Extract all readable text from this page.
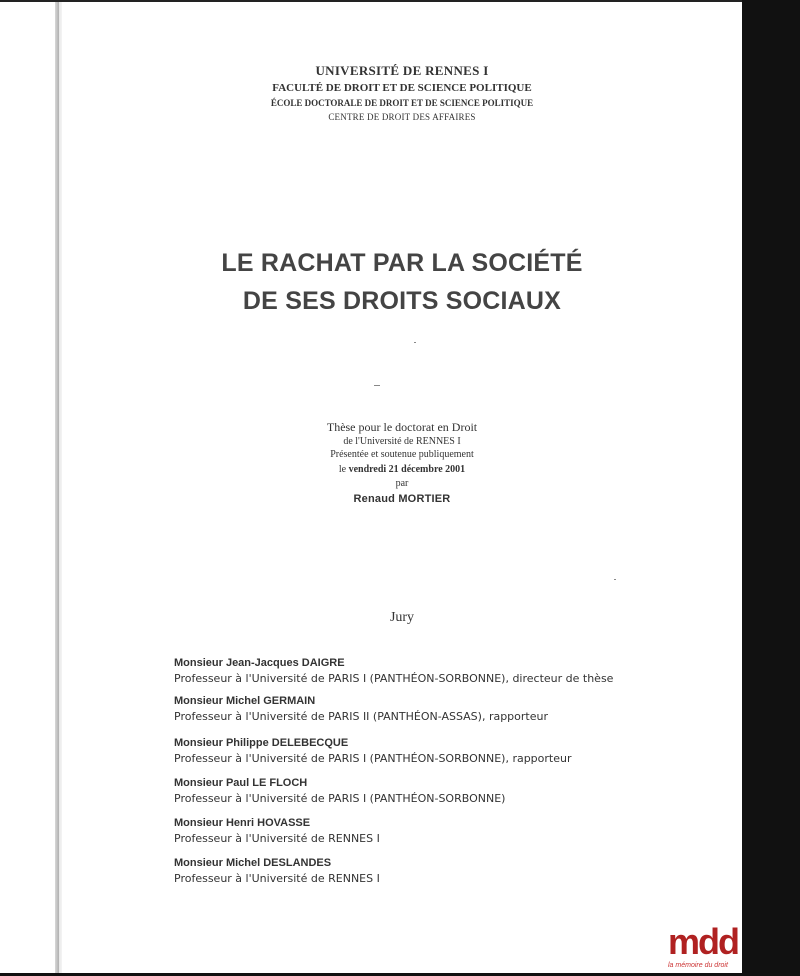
UNIVERSITÉ DE RENNES I
FACULTÉ DE DROIT ET DE SCIENCE POLITIQUE
ÉCOLE DOCTORALE DE DROIT ET DE SCIENCE POLITIQUE
CENTRE DE DROIT DES AFFAIRES
LE RACHAT PAR LA SOCIÉTÉ
DE SES DROITS SOCIAUX
Thèse pour le doctorat en Droit
de l'Université de RENNES I
Présentée et soutenue publiquement
le vendredi 21 décembre 2001
par
Renaud MORTIER
Jury
Monsieur Jean-Jacques DAIGRE
Professeur à l'Université de PARIS I (PANTHÉON-SORBONNE), directeur de thèse
Monsieur Michel GERMAIN
Professeur à l'Université de PARIS II (PANTHÉON-ASSAS), rapporteur
Monsieur Philippe DELEBECQUE
Professeur à l'Université de PARIS I (PANTHÉON-SORBONNE), rapporteur
Monsieur Paul LE FLOCH
Professeur à l'Université de PARIS I (PANTHÉON-SORBONNE)
Monsieur Henri HOVASSE
Professeur à l'Université de RENNES I
Monsieur Michel DESLANDES
Professeur à l'Université de RENNES I
mdd
la mémoire du droit
